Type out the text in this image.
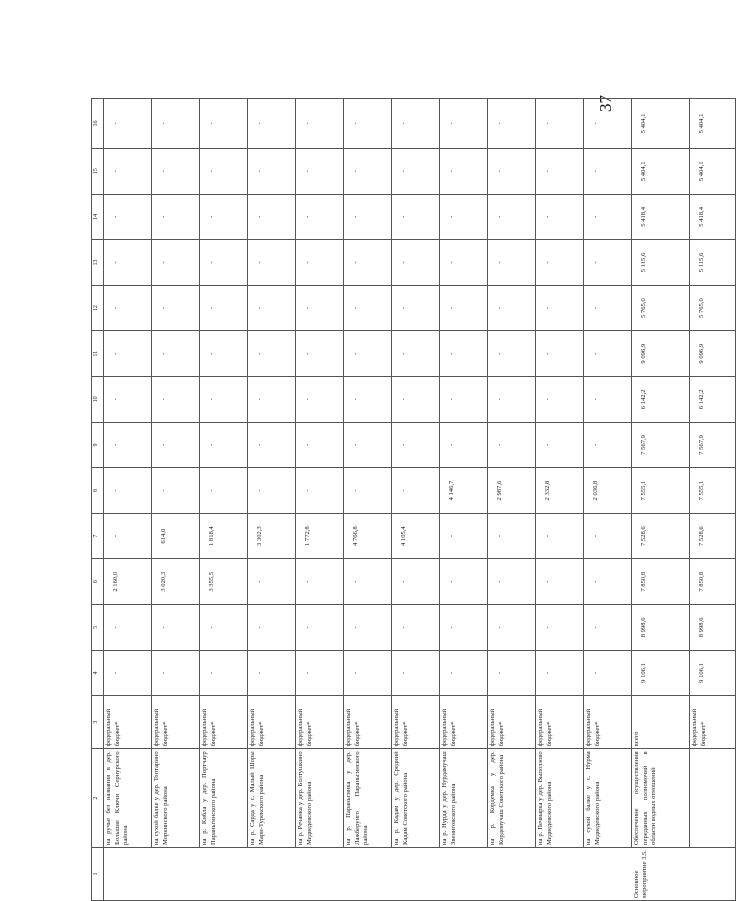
37
1	2	3	4	5	6	7	8	9	10	11	12	13	14	15	16
	на ручье без названия в дер. Большие Ключи Сернурского района	федеральный бюджет*	-	-	2 160,0	-	-	-	-	-	-	-	-	-	-
	на сухой балке у дер. Топтарино Моркинского района	федеральный бюджет*	-	-	3 020,3	614,0	-	-	-	-	-	-	-	-	-
	на р. Кибла у дер. Портчаур Параньгинского района	федеральный бюджет*	-	-	3 355,5	1 818,4	-	-	-	-	-	-	-	-	-
	на р. Сарда у с. Малый Шоры Мари-Турекского района	федеральный бюджет*	-	-	-	3 302,3	-	-	-	-	-	-	-	-	-
	на р. Речанка у дер. Болтушкино Медведевского района	федеральный бюджет*	-	-	-	1 772,8	-	-	-	-	-	-	-	-	-
	на р. Параньгинка у дер. Лажберунго Параньгинского района	федеральный бюджет*	-	-	-	4 766,8	-	-	-	-	-	-	-	-	-
	на р. Кадам у дер. Средний Кадам Советского района	федеральный бюджет*	-	-	-	4 105,4	-	-	-	-	-	-	-	-	-
	на р. Нурда у дер. Нурдамучаш Звениговского района	федеральный бюджет*	-	-	-	-	4 146,7	-	-	-	-	-	-	-	-
	на р. Кордемка у дер. Кордемучаш Советского района	федеральный бюджет*	-	-	-	-	2 987,6	-	-	-	-	-	-	-	-
	на р. Печмарка у дер. Выползово Медведевского района	федеральный бюджет*	-	-	-	-	2 332,8	-	-	-	-	-	-	-	-
	на сухой балке у с. Нурма Медведевского района	федеральный бюджет*	-	-	-	-	2 036,8	-	-	-	-	-	-	-	-
Основное мероприятие 3.5.	Обеспечение осуществления переданных полномочий в области водных отношений	всего	9 106,1	8 998,6	7 850,8	7 528,6	7 555,1	7 567,9	6 142,2	9 096,9	5 765,0	5 115,6	5 418,4	5 404,1	5 404,1
		федеральный бюджет*	9 106,1	8 998,6	7 850,8	7 528,6	7 555,1	7 567,9	6 142,2	9 096,9	5 765,0	5 115,6	5 418,4	5 404,1	5 404,1
